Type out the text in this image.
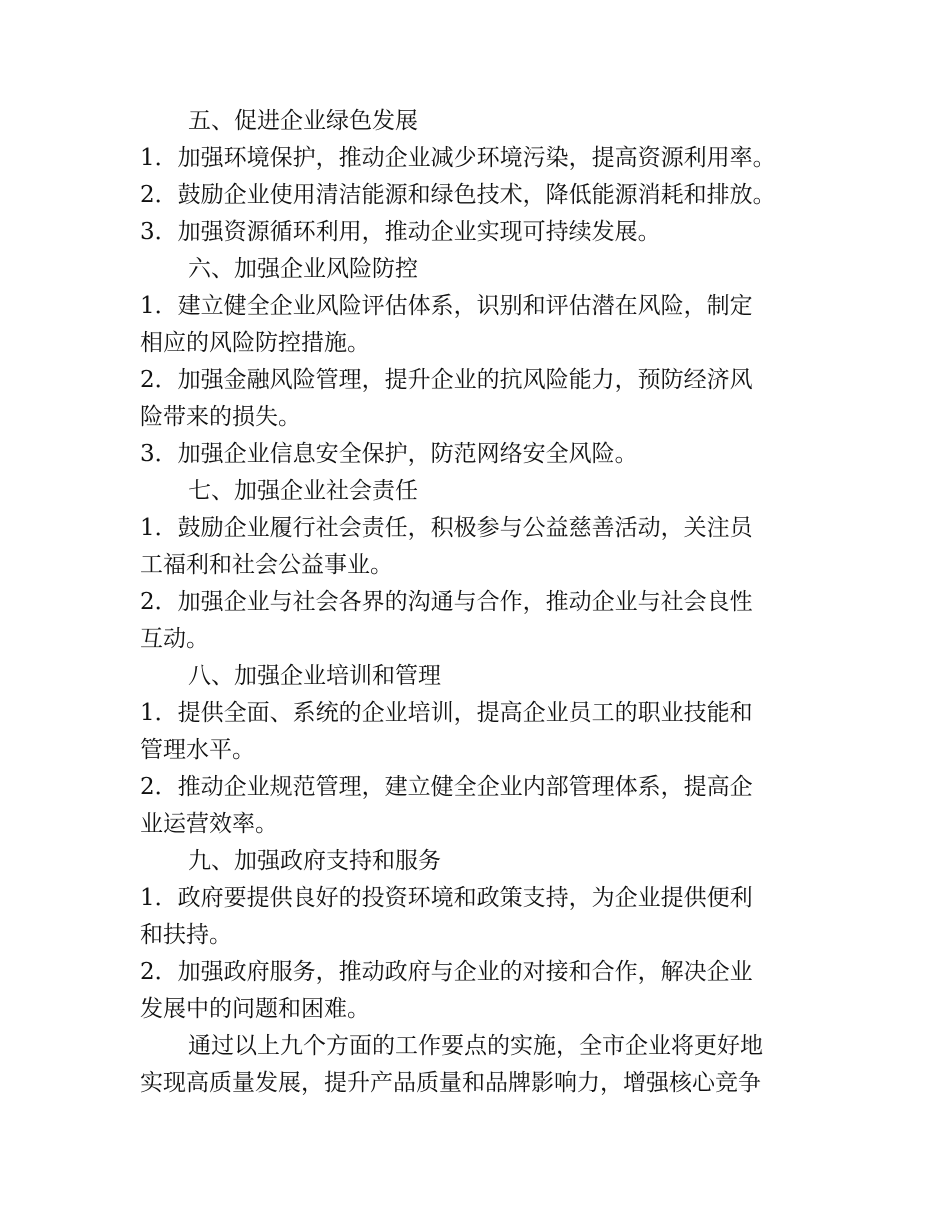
五、促进企业绿色发展
1．加强环境保护，推动企业减少环境污染，提高资源利用率。
2．鼓励企业使用清洁能源和绿色技术，降低能源消耗和排放。
3．加强资源循环利用，推动企业实现可持续发展。
六、加强企业风险防控
1．建立健全企业风险评估体系，识别和评估潜在风险，制定
相应的风险防控措施。
2．加强金融风险管理，提升企业的抗风险能力，预防经济风
险带来的损失。
3．加强企业信息安全保护，防范网络安全风险。
七、加强企业社会责任
1．鼓励企业履行社会责任，积极参与公益慈善活动，关注员
工福利和社会公益事业。
2．加强企业与社会各界的沟通与合作，推动企业与社会良性
互动。
八、加强企业培训和管理
1．提供全面、系统的企业培训，提高企业员工的职业技能和
管理水平。
2．推动企业规范管理，建立健全企业内部管理体系，提高企
业运营效率。
九、加强政府支持和服务
1．政府要提供良好的投资环境和政策支持，为企业提供便利
和扶持。
2．加强政府服务，推动政府与企业的对接和合作，解决企业
发展中的问题和困难。
通过以上九个方面的工作要点的实施，全市企业将更好地
实现高质量发展，提升产品质量和品牌影响力，增强核心竞争
